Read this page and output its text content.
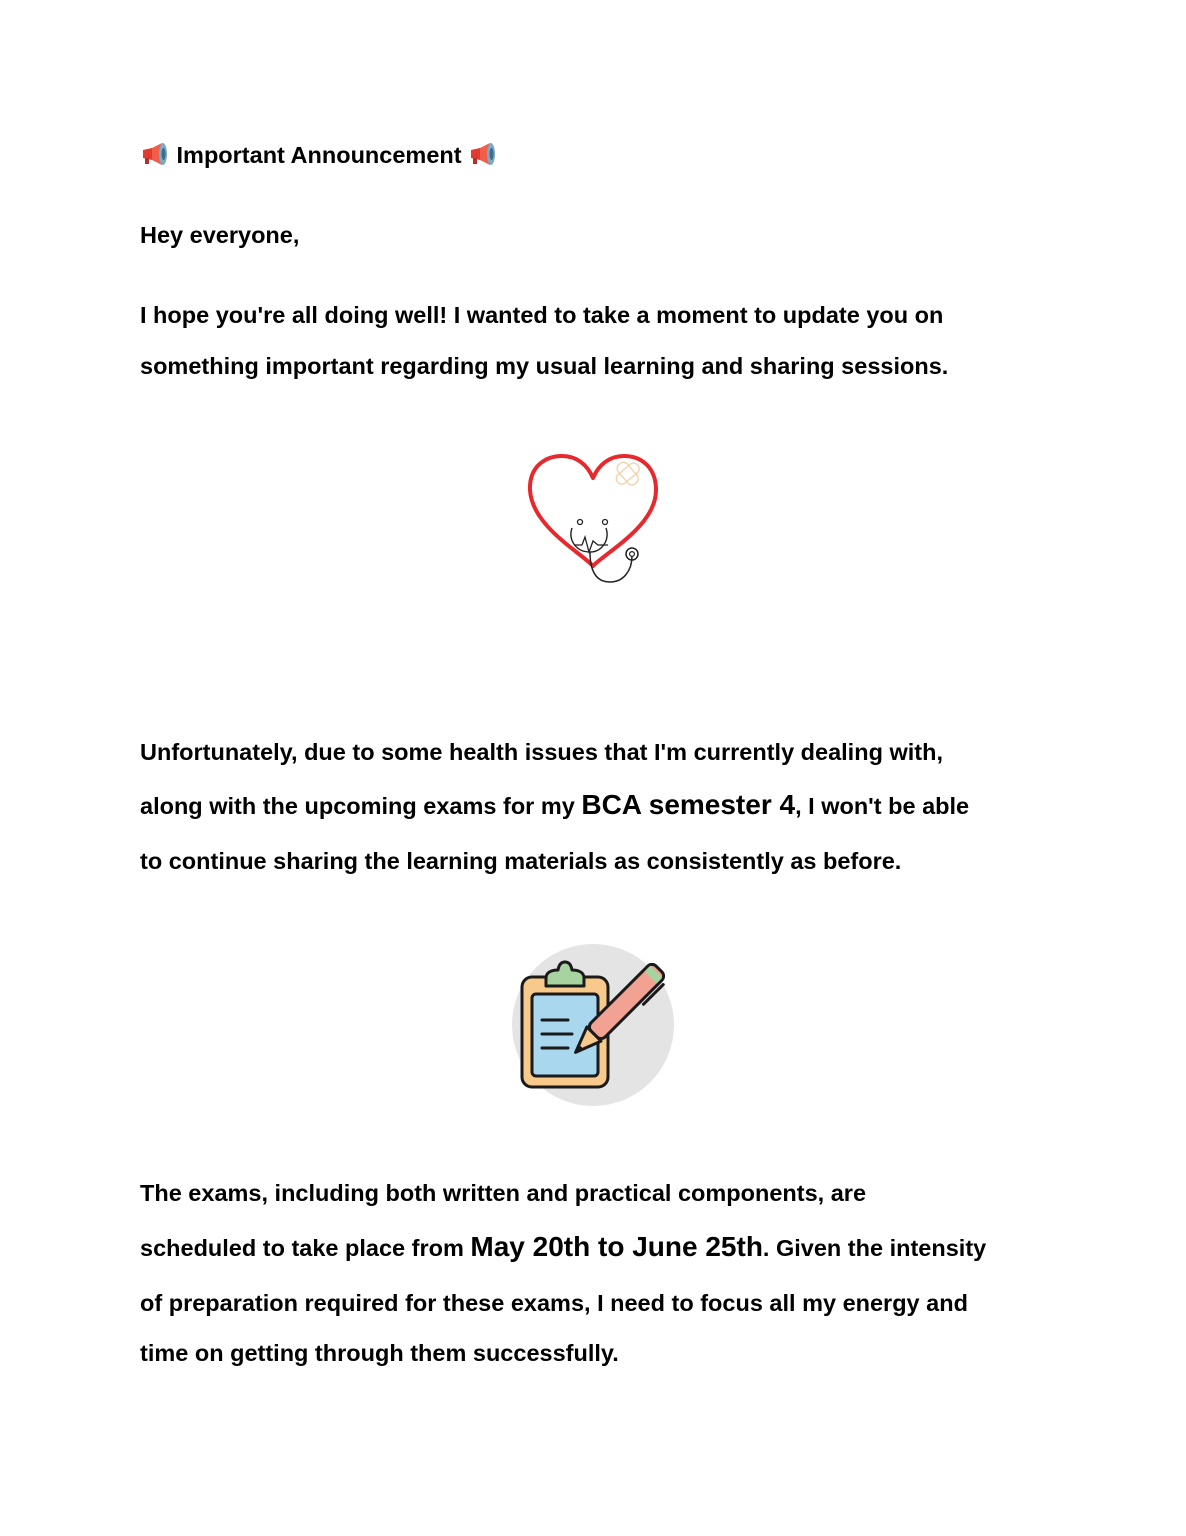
Important Announcement

Hey everyone,

I hope you're all doing well! I wanted to take a moment to update you on

something important regarding my usual learning and sharing sessions.

Unfortunately, due to some health issues that I'm currently dealing with,

along with the upcoming exams for my BCA semester 4, I won't be able

to continue sharing the learning materials as consistently as before.

The exams, including both written and practical components, are

scheduled to take place from May 20th to June 25th. Given the intensity

of preparation required for these exams, I need to focus all my energy and

time on getting through them successfully.
